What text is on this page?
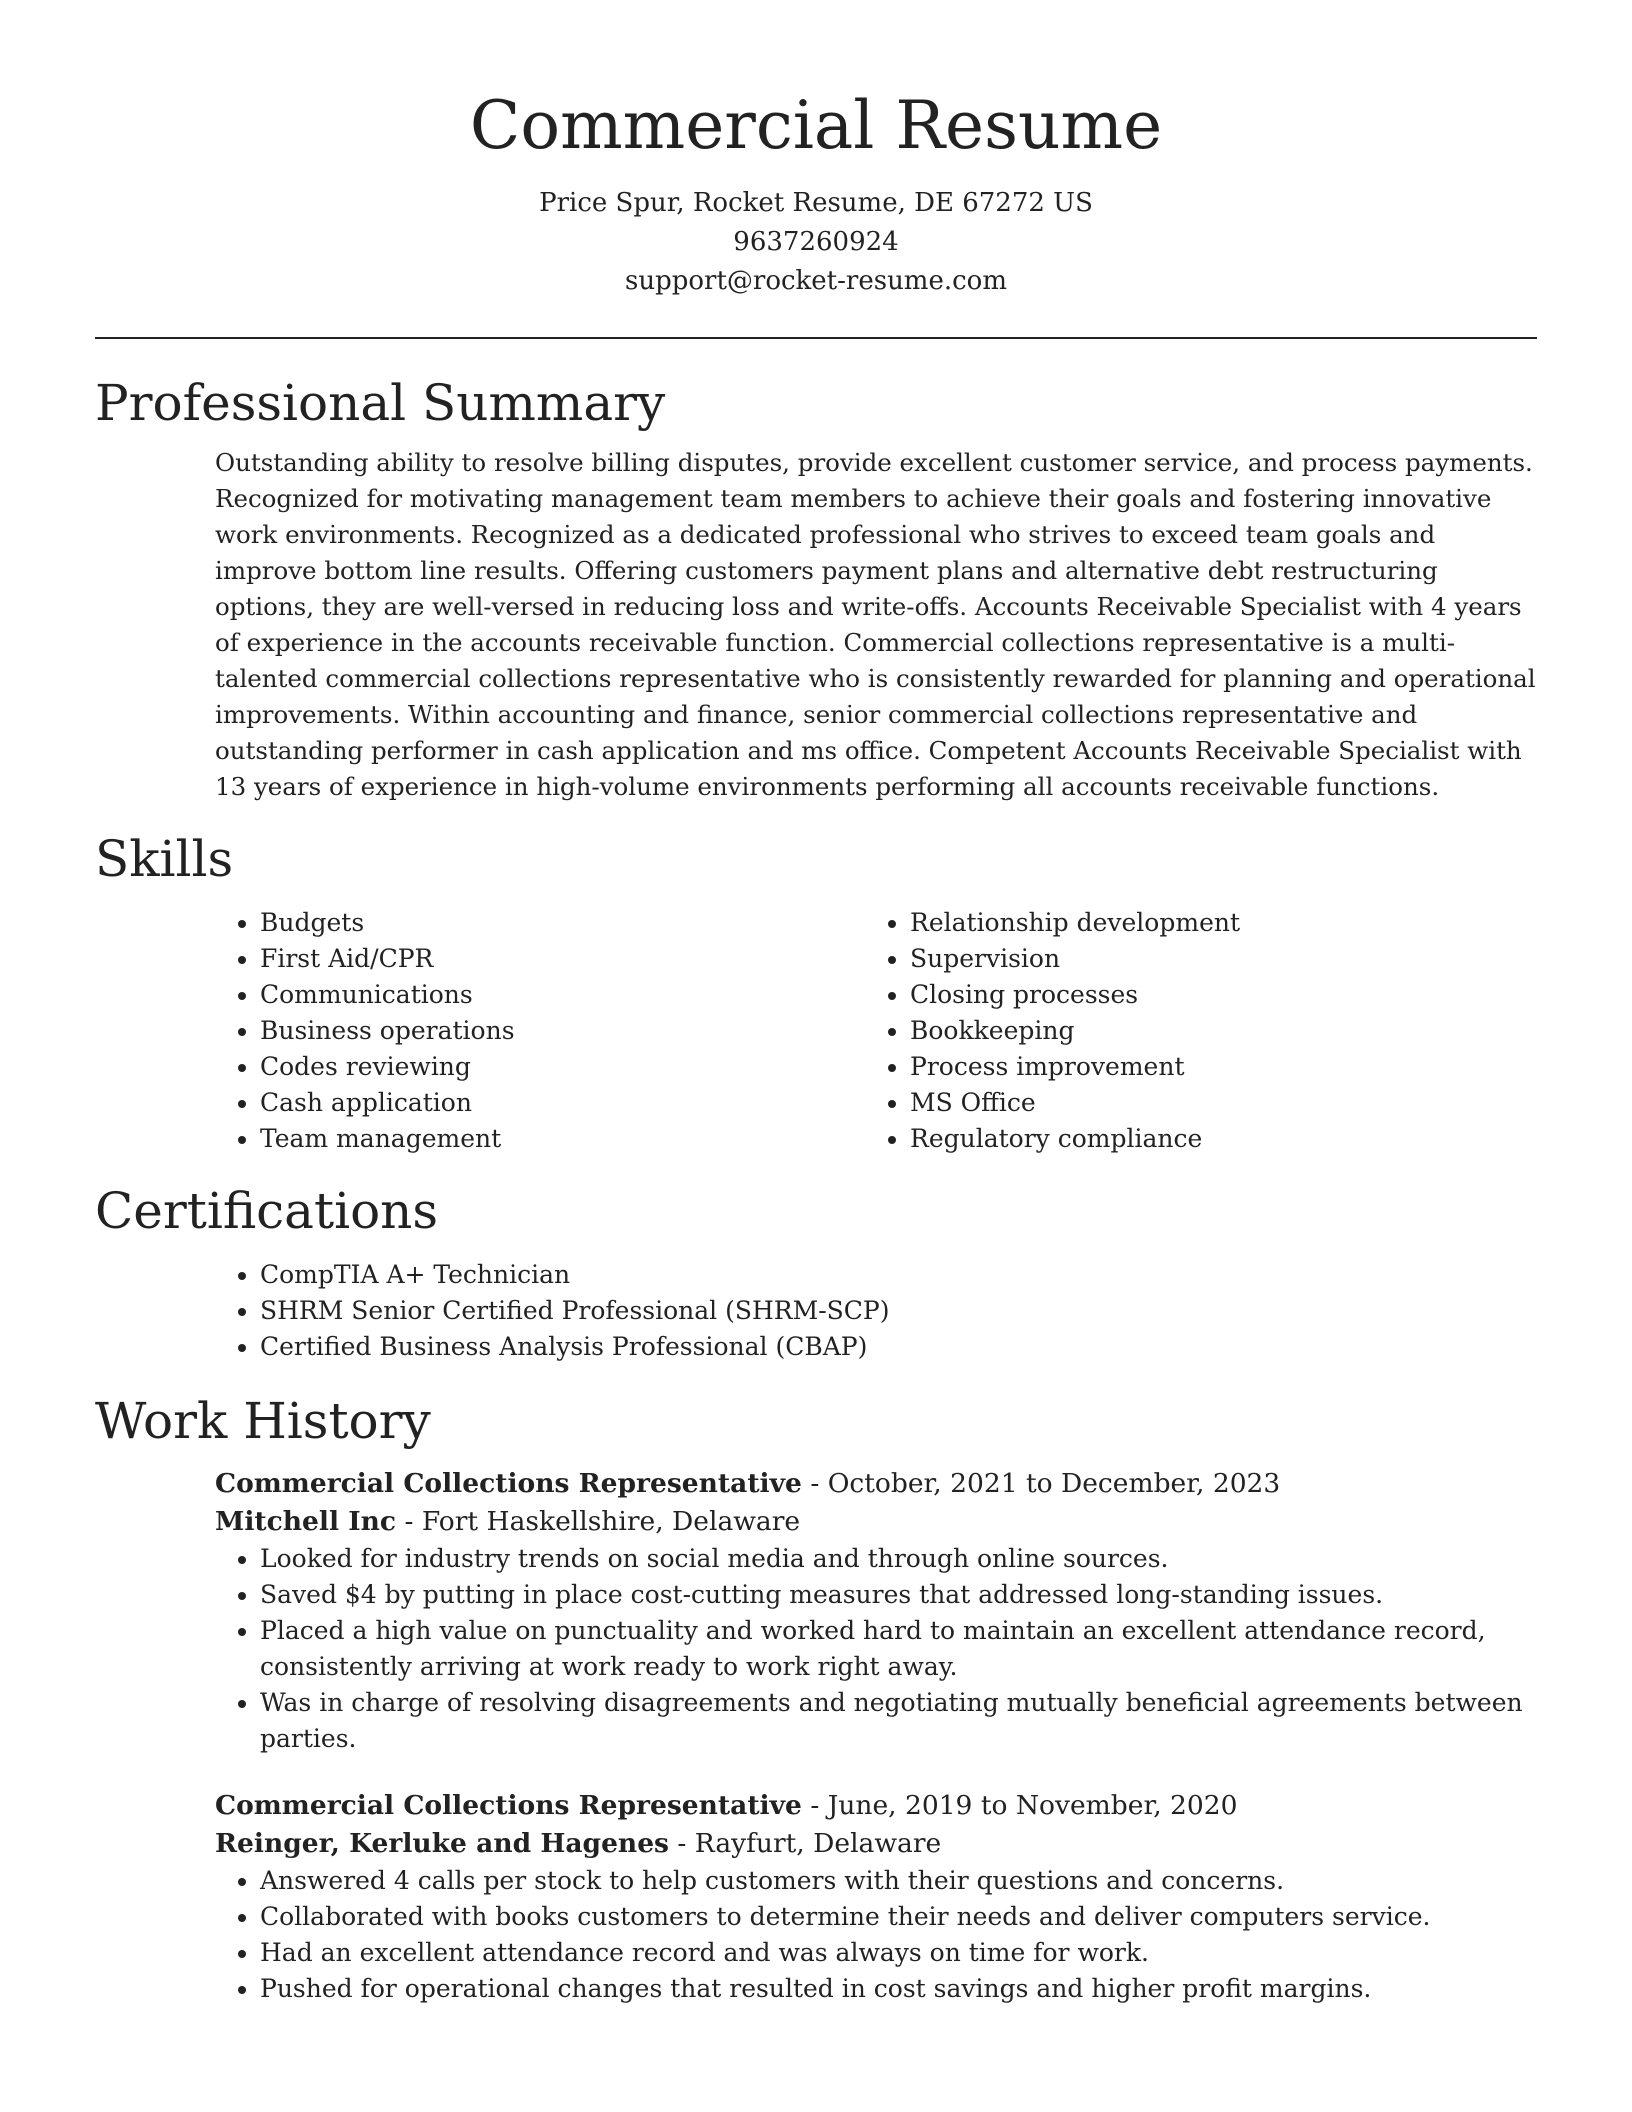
Commercial Resume
Price Spur, Rocket Resume, DE 67272 US
9637260924
support@rocket-resume.com
Professional Summary

Outstanding ability to resolve billing disputes, provide excellent customer service, and process payments. Recognized for motivating management team members to achieve their goals and fostering innovative work environments. Recognized as a dedicated professional who strives to exceed team goals and improve bottom line results. Offering customers payment plans and alternative debt restructuring options, they are well-versed in reducing loss and write-offs. Accounts Receivable Specialist with 4 years of experience in the accounts receivable function. Commercial collections representative is a multi-talented commercial collections representative who is consistently rewarded for planning and operational improvements. Within accounting and finance, senior commercial collections representative and outstanding performer in cash application and ms office. Competent Accounts Receivable Specialist with 13 years of experience in high-volume environments performing all accounts receivable functions.

Skills
• Budgets
• First Aid/CPR
• Communications
• Business operations
• Codes reviewing
• Cash application
• Team management
• Relationship development
• Supervision
• Closing processes
• Bookkeeping
• Process improvement
• MS Office
• Regulatory compliance
Certifications
• CompTIA A+ Technician
• SHRM Senior Certified Professional (SHRM-SCP)
• Certified Business Analysis Professional (CBAP)
Work History
Commercial Collections Representative - October, 2021 to December, 2023
Mitchell Inc - Fort Haskellshire, Delaware
• Looked for industry trends on social media and through online sources.
• Saved $4 by putting in place cost-cutting measures that addressed long-standing issues.
• Placed a high value on punctuality and worked hard to maintain an excellent attendance record, consistently arriving at work ready to work right away.
• Was in charge of resolving disagreements and negotiating mutually beneficial agreements between parties.
Commercial Collections Representative - June, 2019 to November, 2020
Reinger, Kerluke and Hagenes - Rayfurt, Delaware
• Answered 4 calls per stock to help customers with their questions and concerns.
• Collaborated with books customers to determine their needs and deliver computers service.
• Had an excellent attendance record and was always on time for work.
• Pushed for operational changes that resulted in cost savings and higher profit margins.
